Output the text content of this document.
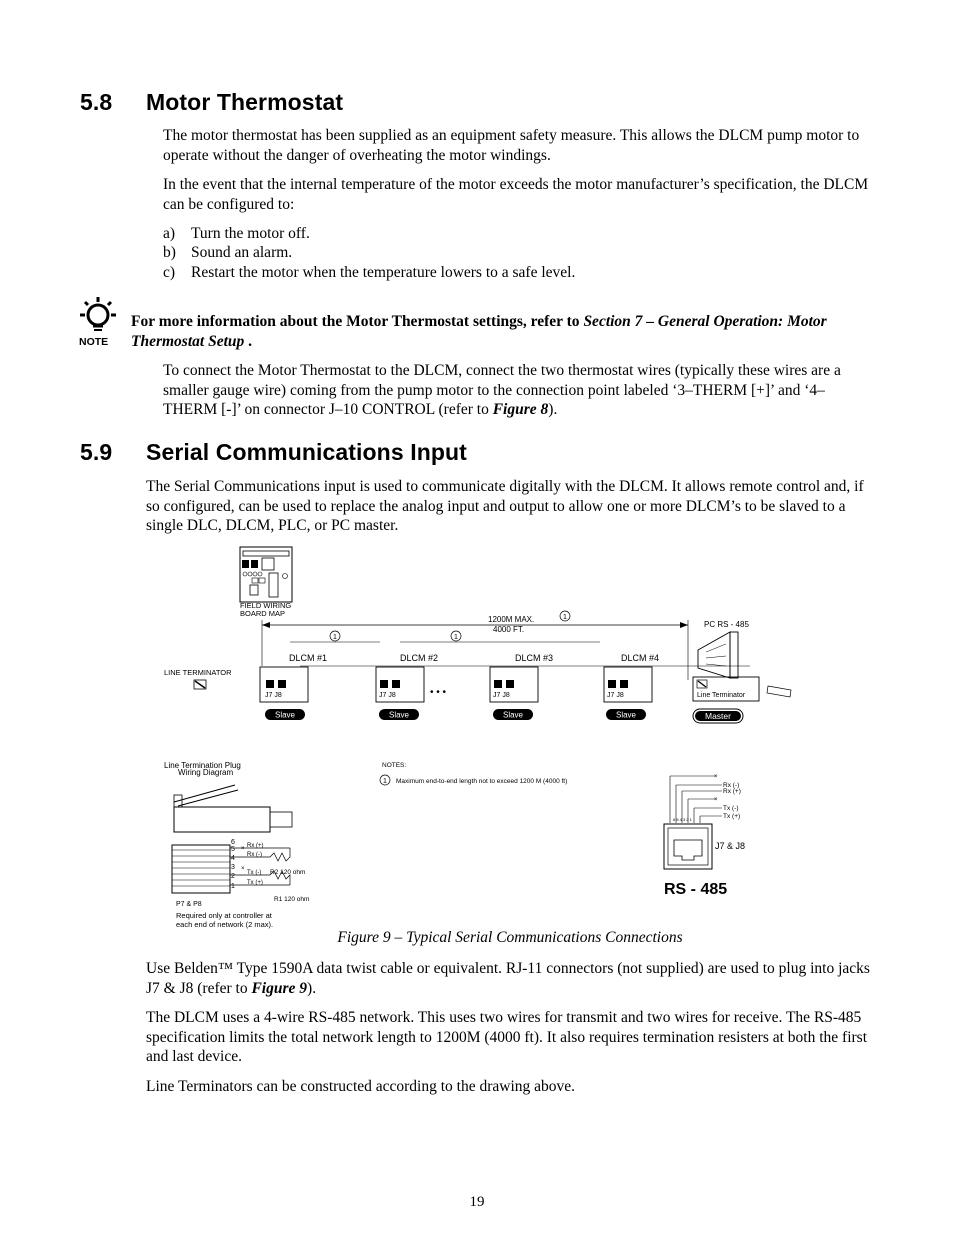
5.8 Motor Thermostat

The motor thermostat has been supplied as an equipment safety measure. This allows the DLCM pump motor to operate without the danger of overheating the motor windings.

In the event that the internal temperature of the motor exceeds the motor manufacturer’s specification, the DLCM can be configured to:

a) Turn the motor off.
b) Sound an alarm.
c) Restart the motor when the temperature lowers to a safe level.
NOTE
For more information about the Motor Thermostat settings, refer to Section 7 – General Operation: Motor Thermostat Setup .

To connect the Motor Thermostat to the DLCM, connect the two thermostat wires (typically these wires are a smaller gauge wire) coming from the pump motor to the connection point labeled ‘3–THERM [+]’ and ‘4–THERM [-]’ on connector J–10 CONTROL (refer to Figure 8).

5.9 Serial Communications Input

The Serial Communications input is used to communicate digitally with the DLCM. It allows remote control and, if so configured, can be used to replace the analog input and output to allow one or more DLCM’s to be slaved to a single DLC, DLCM, PLC, or PC master.

FIELD WIRING
BOARD MAP
1200M MAX.
4000 FT.
1
1	1
PC RS - 485
LINE TERMINATOR
DLCM #1
J7 J8
Slave
DLCM #2
J7 J8
Slave
• • •
DLCM #3
J7 J8
Slave
DLCM #4
J7 J8
Slave
Line Terminator
Master
Line Termination Plug
Wiring Diagram
6
5
4
3
2
1
×
×
Rx (+)
Rx (-)
Tx (-)
Tx (+)
R2 120 ohm
R1 120 ohm
P7 & P8
Required only at controller at
each end of network (2 max).
NOTES:
1 Maximum end-to-end length not to exceed 1200 M (4000 ft)
6 5 4 3 2 1
×
×
Rx (-)
Rx (+)
Tx (-)
Tx (+)
J7 & J8
RS - 485
Figure 9 – Typical Serial Communications Connections

Use Belden™ Type 1590A data twist cable or equivalent. RJ-11 connectors (not supplied) are used to plug into jacks J7 & J8 (refer to Figure 9).

The DLCM uses a 4-wire RS-485 network. This uses two wires for transmit and two wires for receive. The RS-485 specification limits the total network length to 1200M (4000 ft). It also requires termination resisters at both the first and last device.

Line Terminators can be constructed according to the drawing above.

19
